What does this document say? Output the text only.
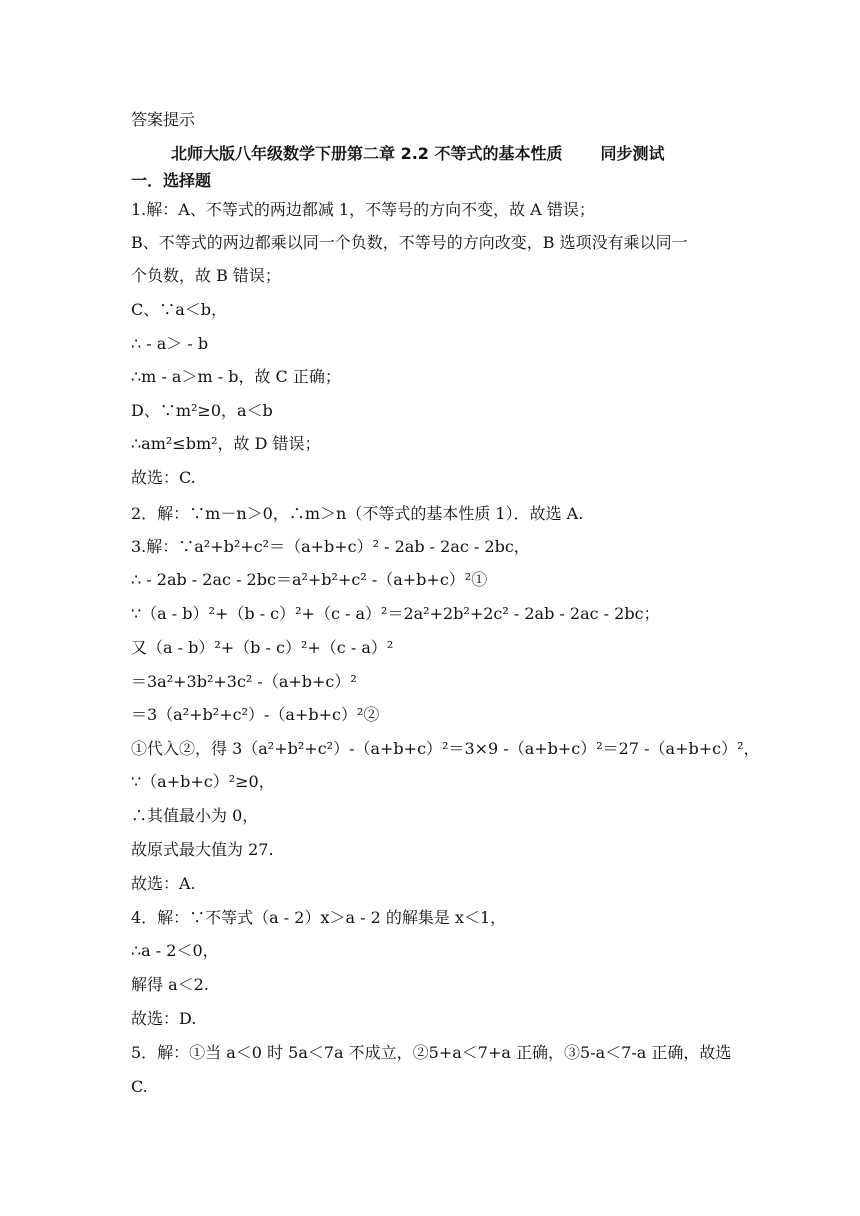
答案提示
北师大版八年级数学下册第二章 2.2 不等式的基本性质 同步测试
一．选择题
1.解：A、不等式的两边都减 1，不等号的方向不变，故 A 错误；
B、不等式的两边都乘以同一个负数，不等号的方向改变，B 选项没有乘以同一
个负数，故 B 错误；
C、∵a＜b，
∴ - a＞ - b
∴m - a＞m - b，故 C 正确；
D、∵m²≥0，a＜b
∴am²≤bm²，故 D 错误；
故选：C.
2．解：∵m－n＞0，∴m＞n（不等式的基本性质 1）．故选 A.
3.解：∵a²+b²+c²＝（a+b+c）² - 2ab - 2ac - 2bc，
∴ - 2ab - 2ac - 2bc＝a²+b²+c² -（a+b+c）²①
∵（a - b）²+（b - c）²+（c - a）²＝2a²+2b²+2c² - 2ab - 2ac - 2bc；
又（a - b）²+（b - c）²+（c - a）²
＝3a²+3b²+3c² -（a+b+c）²
＝3（a²+b²+c²）-（a+b+c）²②
①代入②，得 3（a²+b²+c²）-（a+b+c）²＝3×9 -（a+b+c）²＝27 -（a+b+c）²，
∵（a+b+c）²≥0，
∴其值最小为 0，
故原式最大值为 27.
故选：A.
4．解：∵不等式（a - 2）x＞a - 2 的解集是 x＜1，
∴a - 2＜0，
解得 a＜2.
故选：D.
5．解：①当 a＜0 时 5a＜7a 不成立，②5+a＜7+a 正确，③5-a＜7-a 正确，故选
C.
